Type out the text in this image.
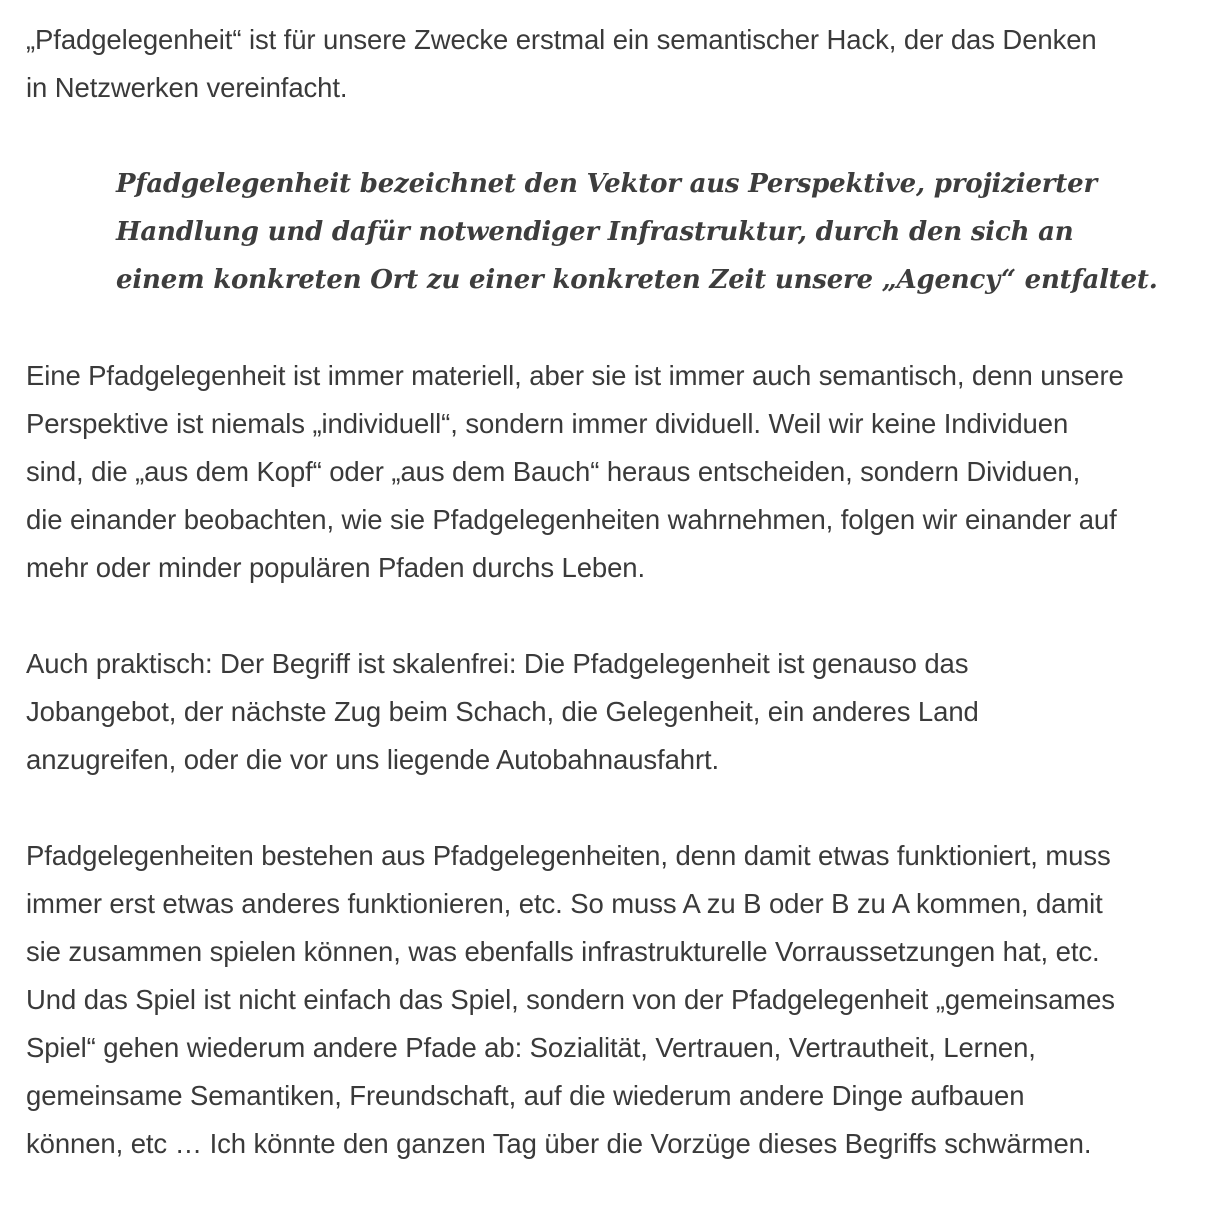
„Pfadgelegenheit“ ist für unsere Zwecke erstmal ein semantischer Hack, der das Denken
in Netzwerken vereinfacht.

Pfadgelegenheit bezeichnet den Vektor aus Perspektive, projizierter
Handlung und dafür notwendiger Infrastruktur, durch den sich an
einem konkreten Ort zu einer konkreten Zeit unsere „Agency“ entfaltet.

Eine Pfadgelegenheit ist immer materiell, aber sie ist immer auch semantisch, denn unsere
Perspektive ist niemals „individuell“, sondern immer dividuell. Weil wir keine Individuen
sind, die „aus dem Kopf“ oder „aus dem Bauch“ heraus entscheiden, sondern Dividuen,
die einander beobachten, wie sie Pfadgelegenheiten wahrnehmen, folgen wir einander auf
mehr oder minder populären Pfaden durchs Leben.

Auch praktisch: Der Begriff ist skalenfrei: Die Pfadgelegenheit ist genauso das
Jobangebot, der nächste Zug beim Schach, die Gelegenheit, ein anderes Land
anzugreifen, oder die vor uns liegende Autobahnausfahrt.

Pfadgelegenheiten bestehen aus Pfadgelegenheiten, denn damit etwas funktioniert, muss
immer erst etwas anderes funktionieren, etc. So muss A zu B oder B zu A kommen, damit
sie zusammen spielen können, was ebenfalls infrastrukturelle Vorraussetzungen hat, etc.
Und das Spiel ist nicht einfach das Spiel, sondern von der Pfadgelegenheit „gemeinsames
Spiel“ gehen wiederum andere Pfade ab: Sozialität, Vertrauen, Vertrautheit, Lernen,
gemeinsame Semantiken, Freundschaft, auf die wiederum andere Dinge aufbauen
können, etc … Ich könnte den ganzen Tag über die Vorzüge dieses Begriffs schwärmen.
